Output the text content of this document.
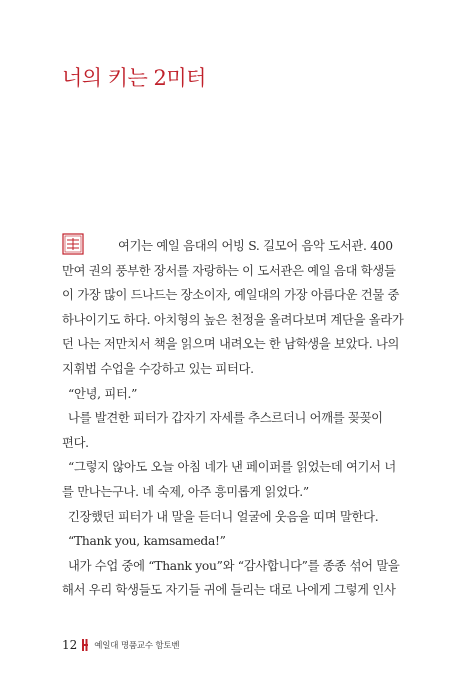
너의 키는 2미터
여기는 예일 음대의 어빙 S. 길모어 음악 도서관. 400
만여 권의 풍부한 장서를 자랑하는 이 도서관은 예일 음대 학생들
이 가장 많이 드나드는 장소이자, 예일대의 가장 아름다운 건물 중
하나이기도 하다. 아치형의 높은 천정을 올려다보며 계단을 올라가
던 나는 저만치서 책을 읽으며 내려오는 한 남학생을 보았다. 나의
지휘법 수업을 수강하고 있는 피터다.
“안녕, 피터.”
나를 발견한 피터가 갑자기 자세를 추스르더니 어깨를 꽂꽂이
편다.
“그렇지 않아도 오늘 아침 네가 낸 페이퍼를 읽었는데 여기서 너
를 만나는구나. 네 숙제, 아주 흥미롭게 읽었다.”
긴장했던 피터가 내 말을 듣더니 얼굴에 웃음을 띠며 말한다.
“Thank you, kamsameda!”
내가 수업 중에 “Thank you”와 “감사합니다”를 종종 섞어 말을
해서 우리 학생들도 자기들 귀에 들리는 대로 나에게 그렇게 인사
12 예일대 명품교수 함토벤
